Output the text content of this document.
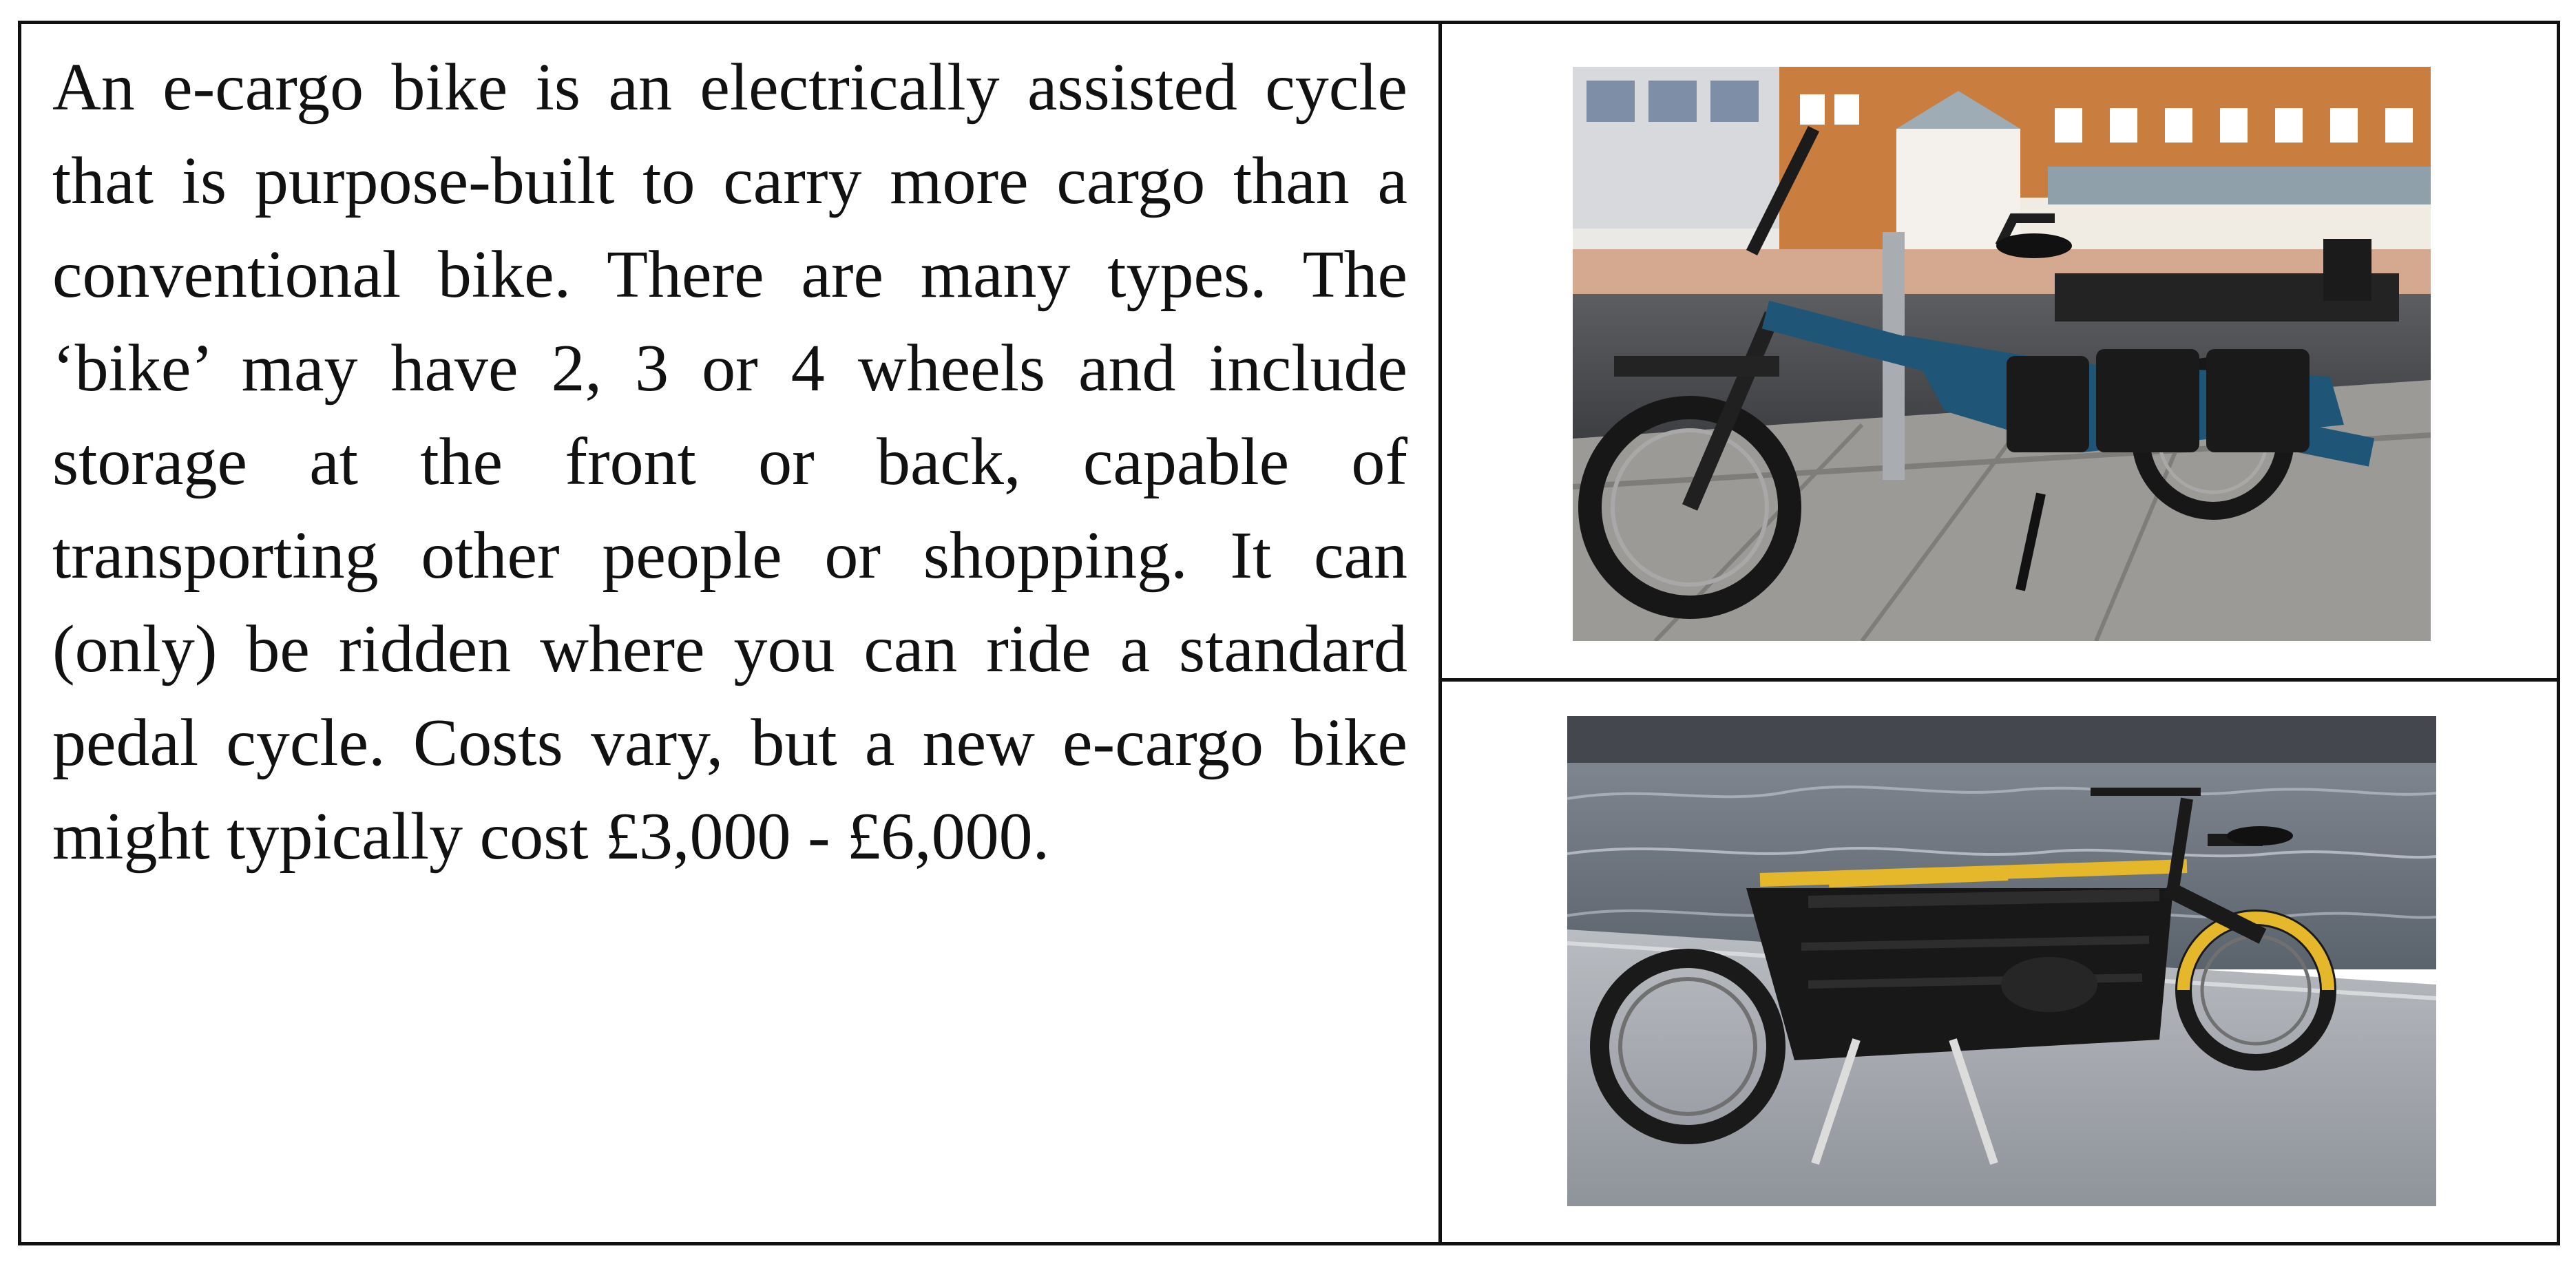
An e-cargo bike is an electrically assisted cycle that is purpose-built to carry more cargo than a conventional bike. There are many types. The ‘bike’ may have 2, 3 or 4 wheels and include storage at the front or back, capable of transporting other people or shopping. It can (only) be ridden where you can ride a standard pedal cycle. Costs vary, but a new e-cargo bike might typically cost £3,000 - £6,000.
